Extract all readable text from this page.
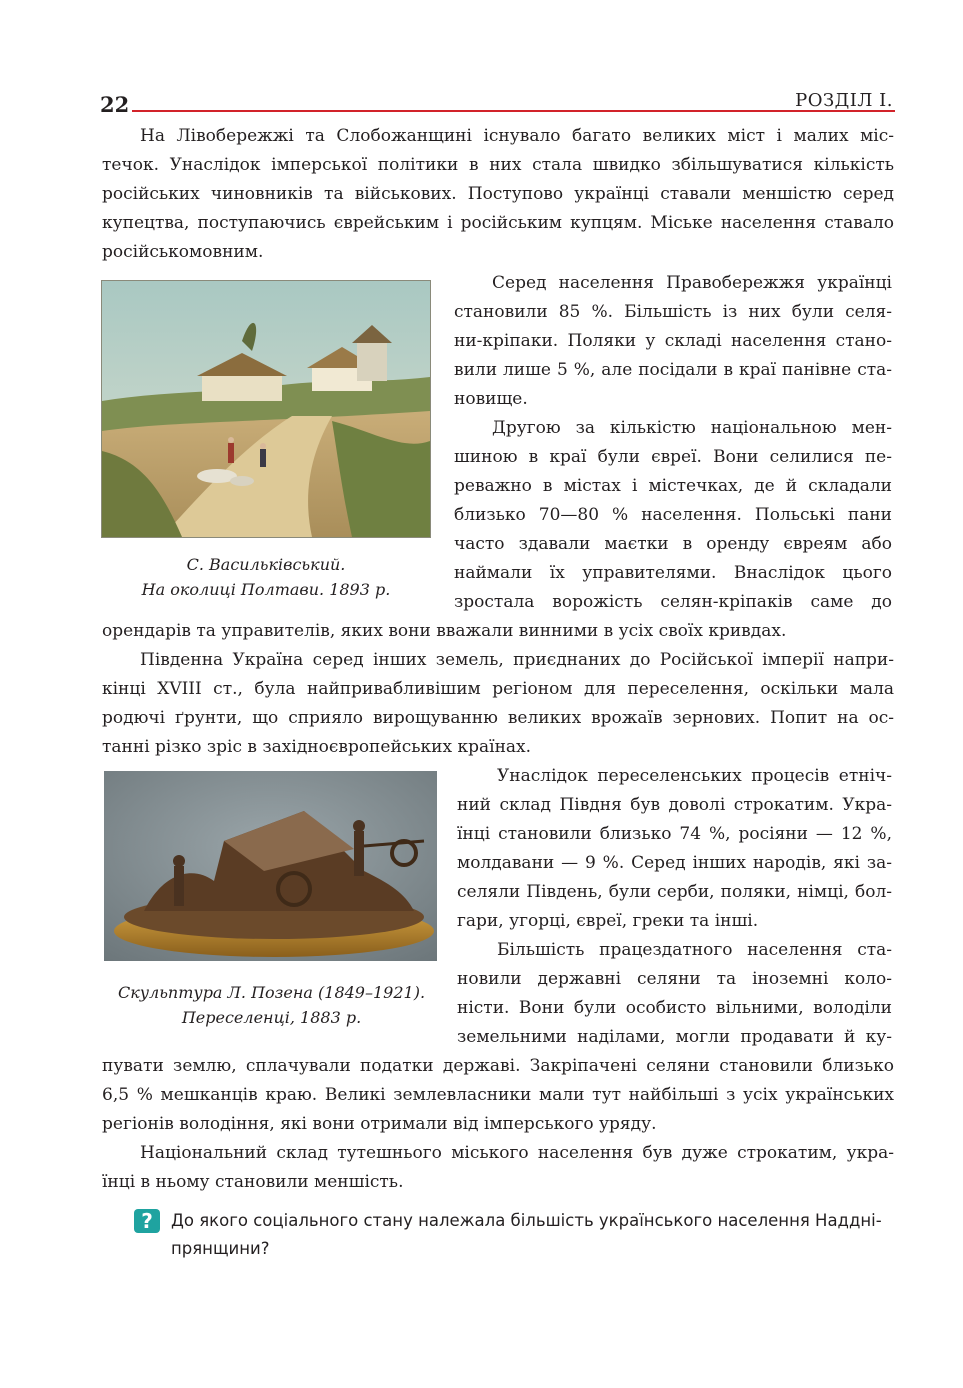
22	РОЗДІЛ І.
На Лівобережжі та Слобожанщині існувало багато великих міст і малих міс-
течок. Унаслідок імперської політики в них стала швидко збільшуватися кількість
російських чиновників та військових. Поступово українці ставали меншістю серед
купецтва, поступаючись єврейським і російським купцям. Міське населення ставало
російськомовним.
С. Васильківський.
На околиці Полтави. 1893 р.
Серед населення Правобережжя українці
становили 85 %. Більшість із них були селя-
ни-кріпаки. Поляки у складі населення стано-
вили лише 5 %, але посідали в краї панівне ста-
новище.
Другою за кількістю національною мен-
шиною в краї були євреї. Вони селилися пе-
реважно в містах і містечках, де й складали
близько 70—80 % населення. Польські пани
часто здавали маєтки в оренду євреям або
наймали їх управителями. Внаслідок цього
зростала ворожість селян-кріпаків саме до
орендарів та управителів, яких вони вважали винними в усіх своїх кривдах.
Південна Україна серед інших земель, приєднаних до Російської імперії напри-
кінці XVIII ст., була найпривабливішим регіоном для переселення, оскільки мала
родючі ґрунти, що сприяло вирощуванню великих врожаїв зернових. Попит на ос-
танні різко зріс в західноєвропейських країнах.
Скульптура Л. Позена (1849–1921).
Переселенці, 1883 р.
Унаслідок переселенських процесів етніч-
ний склад Півдня був доволі строкатим. Укра-
їнці становили близько 74 %, росіяни — 12 %,
молдавани — 9 %. Серед інших народів, які за-
селяли Південь, були серби, поляки, німці, бол-
гари, угорці, євреї, греки та інші.
Більшість працездатного населення ста-
новили державні селяни та іноземні коло-
ністи. Вони були особисто вільними, володіли
земельними наділами, могли продавати й ку-
пувати землю, сплачували податки державі. Закріпачені селяни становили близько
6,5 % мешканців краю. Великі землевласники мали тут найбільші з усіх українських
регіонів володіння, які вони отримали від імперського уряду.
Національний склад тутешнього міського населення був дуже строкатим, укра-
їнці в ньому становили меншість.
?	До якого соціального стану належала більшість українського населення Наддні-
прянщини?
